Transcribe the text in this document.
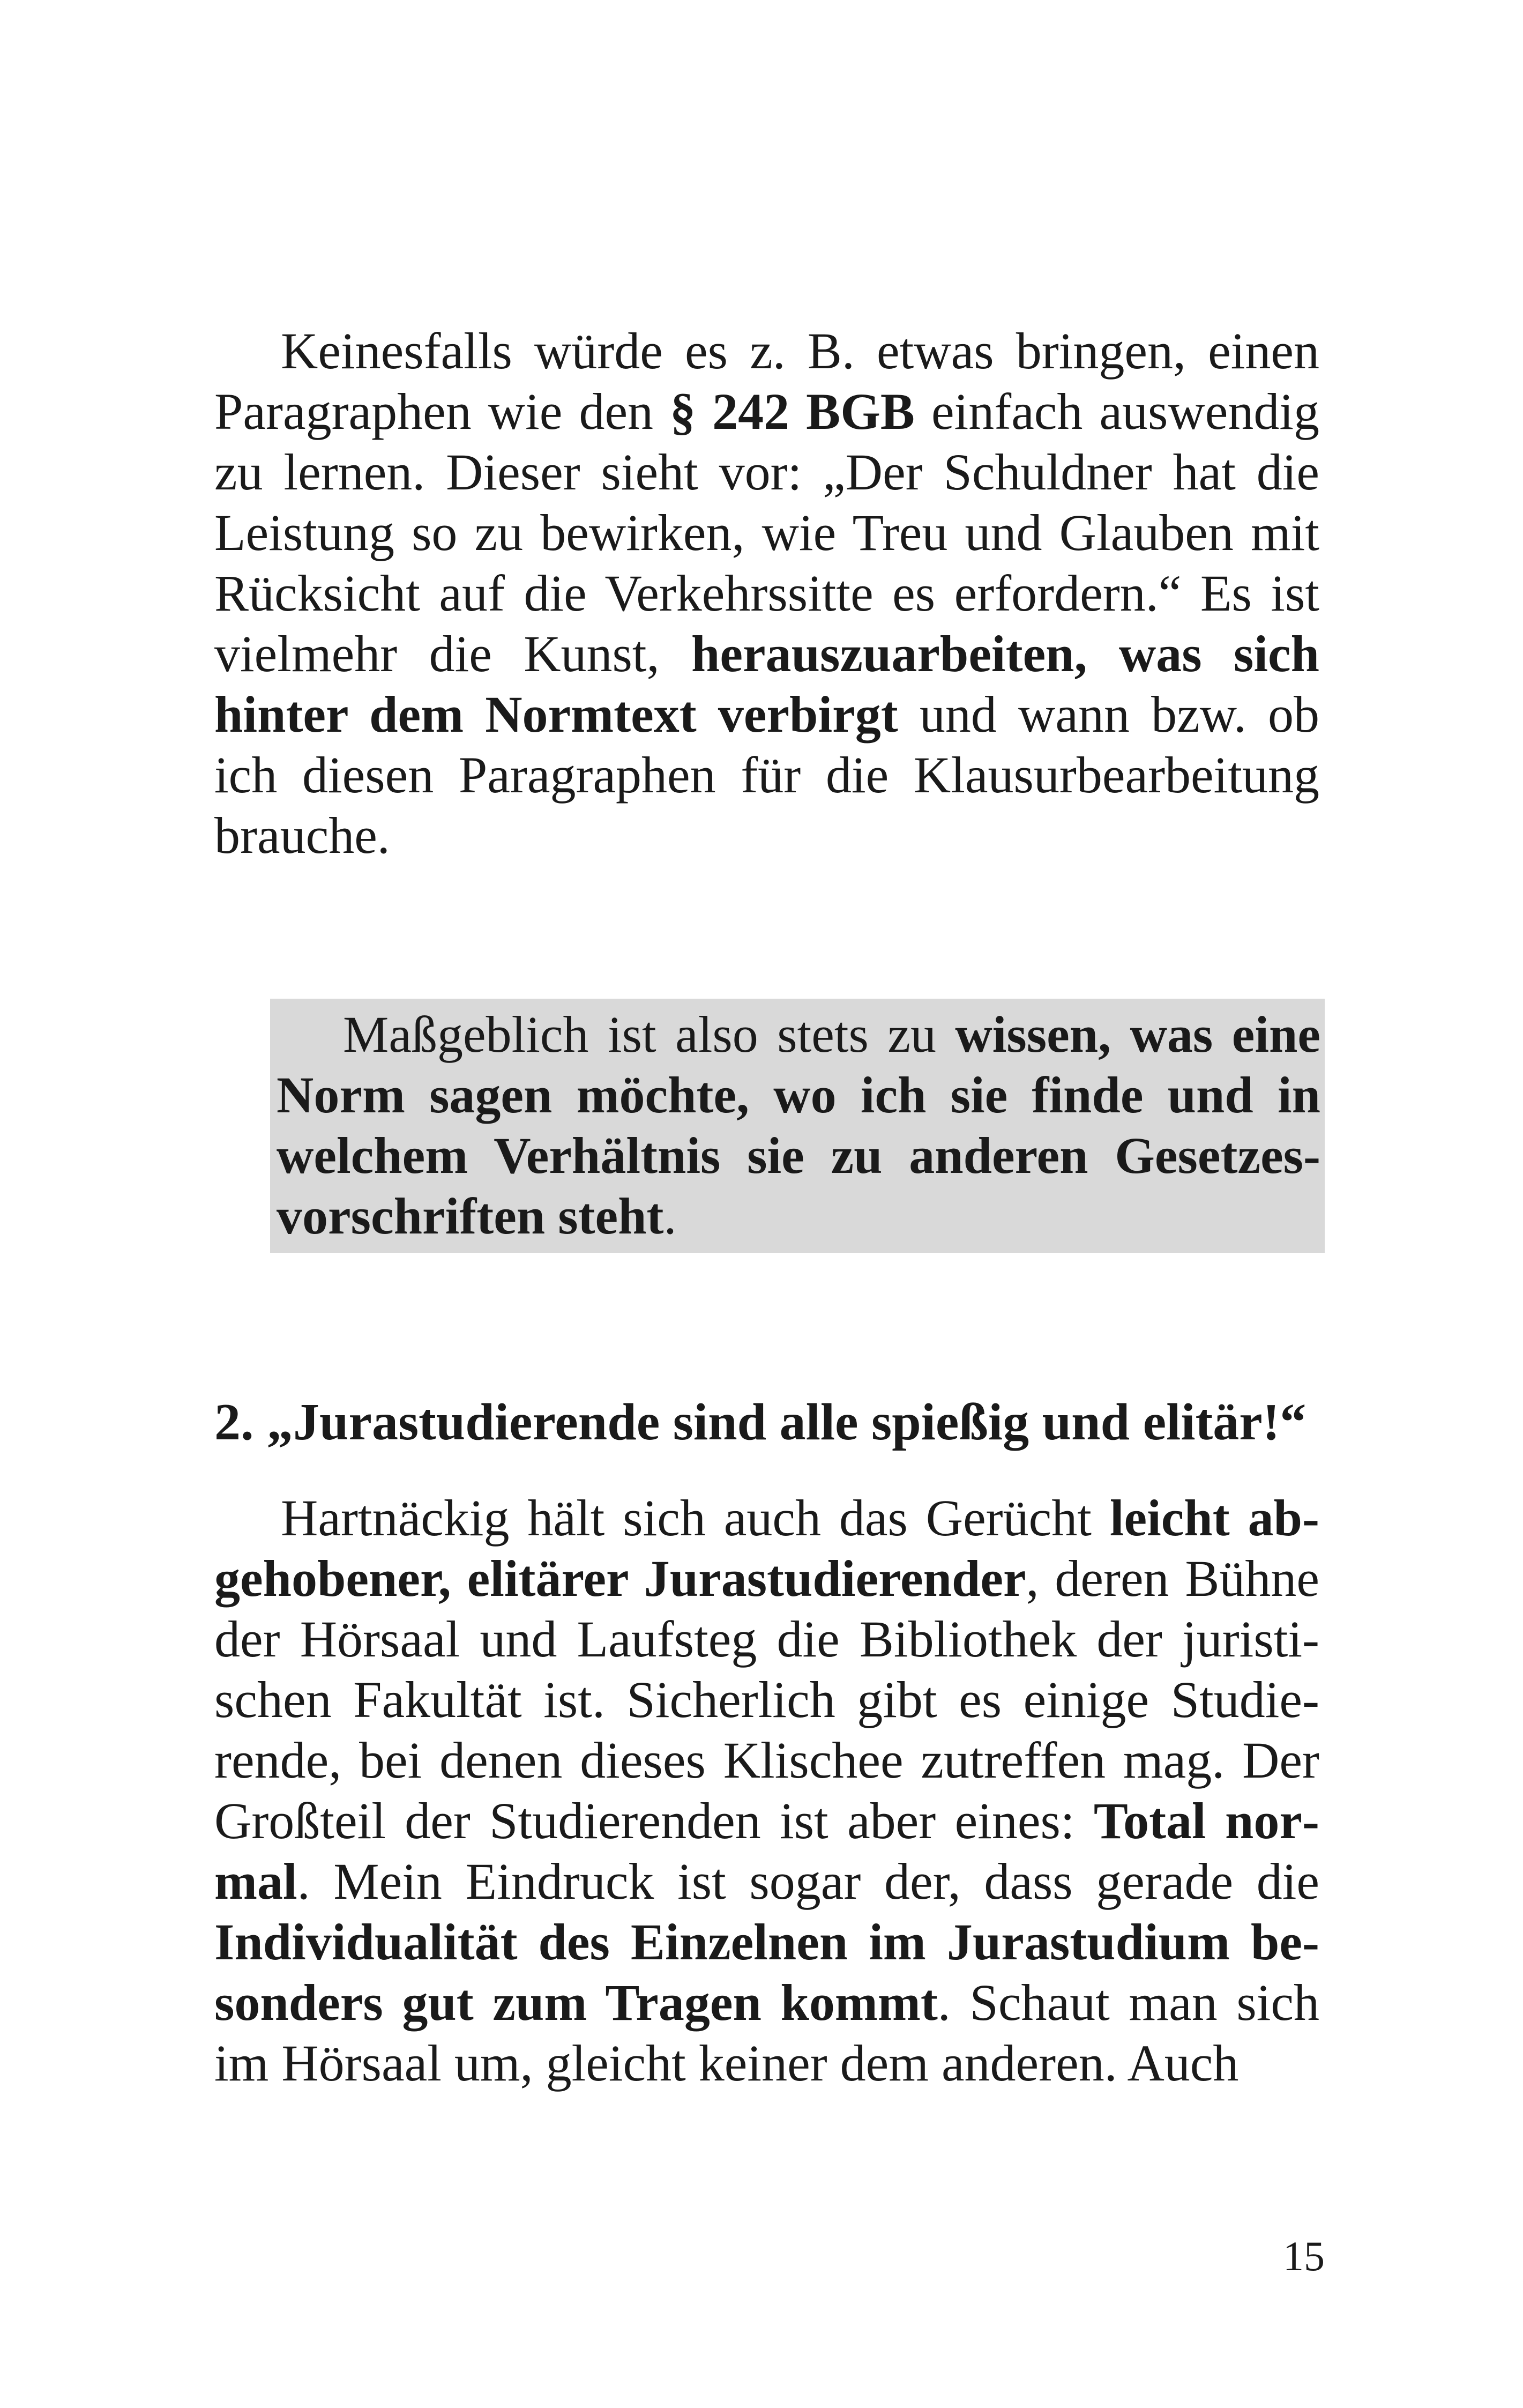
Keinesfalls würde es z. B. etwas bringen, einen Paragraphen wie den § 242 BGB einfach auswendig zu lernen. Dieser sieht vor: „Der Schuldner hat die Leistung so zu bewirken, wie Treu und Glauben mit Rücksicht auf die Verkehrssitte es erfordern.“ Es ist vielmehr die Kunst, herauszuarbeiten, was sich hinter dem Normtext verbirgt und wann bzw. ob ich diesen Paragraphen für die Klausurbearbeitung brauche.

Maßgeblich ist also stets zu wissen, was eine Norm sagen möchte, wo ich sie finde und in welchem Verhältnis sie zu anderen Gesetzesvorschriften steht.

2. „Jurastudierende sind alle spießig und elitär!“

Hartnäckig hält sich auch das Gerücht leicht abgehobener, elitärer Jurastudierender, deren Bühne der Hörsaal und Laufsteg die Bibliothek der juristischen Fakultät ist. Sicherlich gibt es einige Studierende, bei denen dieses Klischee zutreffen mag. Der Großteil der Studierenden ist aber eines: Total normal. Mein Eindruck ist sogar der, dass gerade die Individualität des Einzelnen im Jurastudium besonders gut zum Tragen kommt. Schaut man sich im Hörsaal um, gleicht keiner dem anderen. Auch

15
